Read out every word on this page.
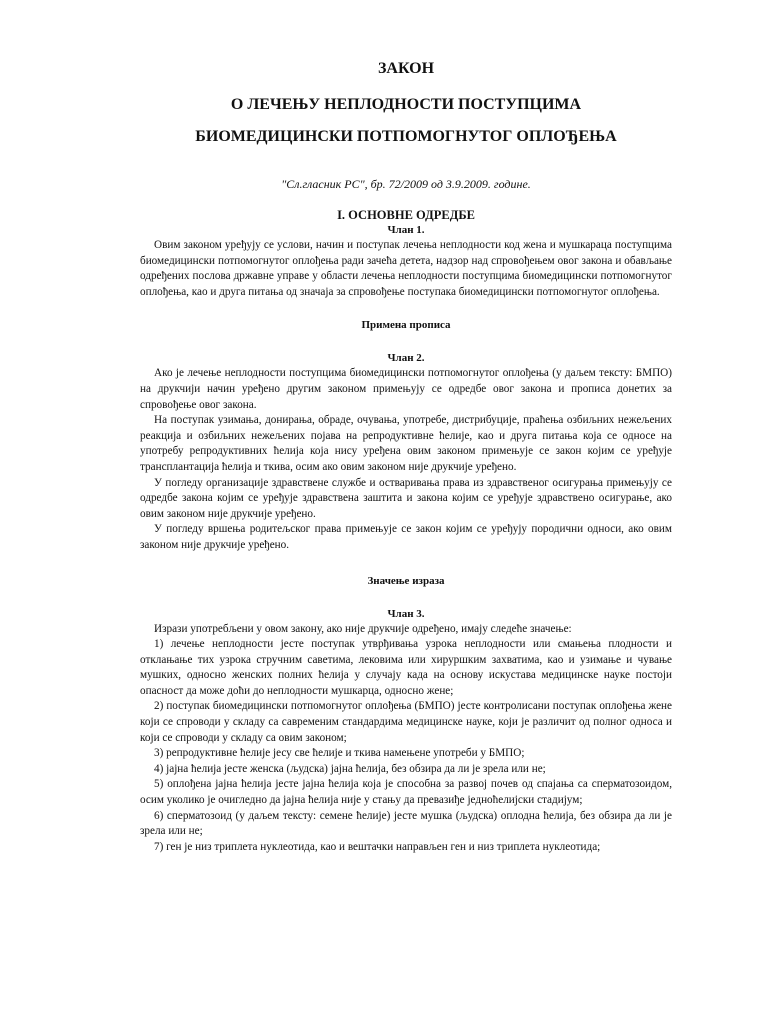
ЗАКОН
О ЛЕЧЕЊУ НЕПЛОДНОСТИ ПОСТУПЦИМА
БИОМЕДИЦИНСКИ ПОТПОМОГНУТОГ ОПЛОЂЕЊА
"Сл.гласник РС", бр. 72/2009 од 3.9.2009. године.
I. ОСНОВНЕ ОДРЕДБЕ
Члан 1.

Овим законом уређују се услови, начин и поступак лечења неплодности код жена и мушкараца поступцима биомедицински потпомогнутог оплођења ради зачећа детета, надзор над спровођењем овог закона и обављање одређених послова државне управе у области лечења неплодности поступцима биомедицински потпомогнутог оплођења, као и друга питања од значаја за спровођење поступака биомедицински потпомогнутог оплођења.

Примена прописа
Члан 2.

Ако је лечење неплодности поступцима биомедицински потпомогнутог оплођења (у даљем тексту: БМПО) на друкчији начин уређено другим законом примењују се одредбе овог закона и прописа донетих за спровођење овог закона.

На поступак узимања, донирања, обраде, очувања, употребе, дистрибуције, праћења озбиљних нежељених реакција и озбиљних нежељених појава на репродуктивне ћелије, као и друга питања која се односе на употребу репродуктивних ћелија која нису уређена овим законом примењује се закон којим се уређује трансплантација ћелија и ткива, осим ако овим законом није друкчије уређено.

У погледу организације здравствене службе и остваривања права из здравственог осигурања примењују се одредбе закона којим се уређује здравствена заштита и закона којим се уређује здравствено осигурање, ако овим законом није друкчије уређено.

У погледу вршења родитељског права примењује се закон којим се уређују породични односи, ако овим законом није друкчије уређено.

Значење израза
Члан 3.

Изрази употребљени у овом закону, ако није друкчије одређено, имају следеће значење:

1) лечење неплодности јесте поступак утврђивања узрока неплодности или смањења плодности и отклањање тих узрока стручним саветима, лековима или хируршким захватима, као и узимање и чување мушких, односно женских полних ћелија у случају када на основу искустава медицинске науке постоји опасност да може доћи до неплодности мушкарца, односно жене;

2) поступак биомедицински потпомогнутог оплођења (БМПО) јесте контролисани поступак оплођења жене који се спроводи у складу са савременим стандардима медицинске науке, који је различит од полног односа и који се спроводи у складу са овим законом;

3) репродуктивне ћелије јесу све ћелије и ткива намењене употреби у БМПО;

4) јајна ћелија јесте женска (људска) јајна ћелија, без обзира да ли је зрела или не;

5) оплођена јајна ћелија јесте јајна ћелија која је способна за развој почев од спајања са сперматозоидом, осим уколико је очигледно да јајна ћелија није у стању да превазиђе једноћелијски стадијум;

6) сперматозоид (у даљем тексту: семене ћелије) јесте мушка (људска) оплодна ћелија, без обзира да ли је зрела или не;

7) ген је низ триплета нуклеотида, као и вештачки направљен ген и низ триплета нуклеотида;
